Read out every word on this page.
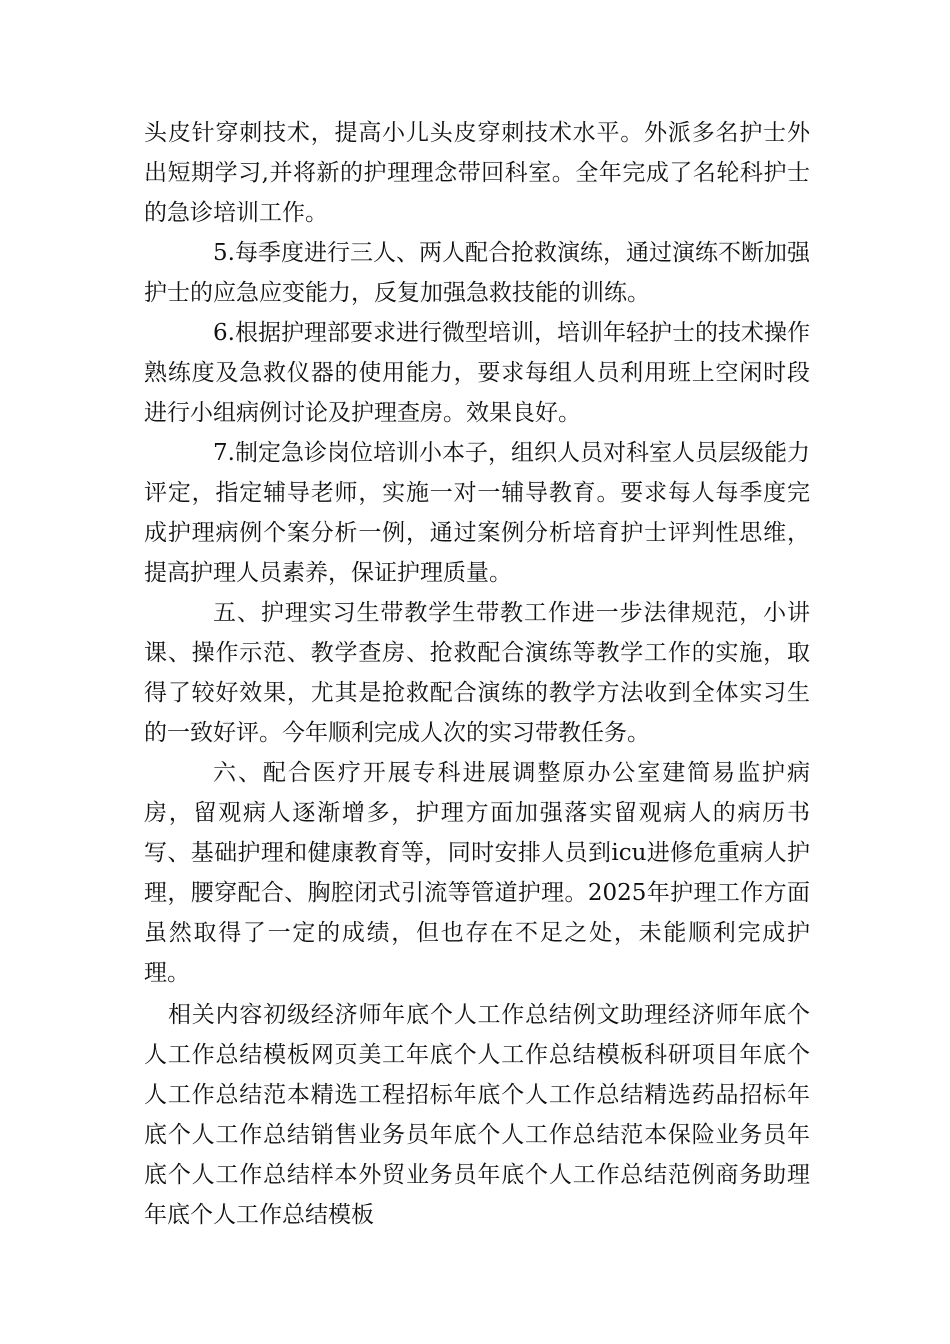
头皮针穿刺技术，提高小儿头皮穿刺技术水平。外派多名护士外出短期学习,并将新的护理理念带回科室。全年完成了名轮科护士的急诊培训工作。

5.每季度进行三人、两人配合抢救演练，通过演练不断加强护士的应急应变能力，反复加强急救技能的训练。

6.根据护理部要求进行微型培训，培训年轻护士的技术操作熟练度及急救仪器的使用能力，要求每组人员利用班上空闲时段进行小组病例讨论及护理查房。效果良好。

7.制定急诊岗位培训小本子，组织人员对科室人员层级能力评定，指定辅导老师，实施一对一辅导教育。要求每人每季度完成护理病例个案分析一例，通过案例分析培育护士评判性思维，提高护理人员素养，保证护理质量。

五、护理实习生带教学生带教工作进一步法律规范，小讲课、操作示范、教学查房、抢救配合演练等教学工作的实施，取得了较好效果，尤其是抢救配合演练的教学方法收到全体实习生的一致好评。今年顺利完成人次的实习带教任务。

六、配合医疗开展专科进展调整原办公室建简易监护病房，留观病人逐渐增多，护理方面加强落实留观病人的病历书写、基础护理和健康教育等，同时安排人员到icu进修危重病人护理，腰穿配合、胸腔闭式引流等管道护理。2025年护理工作方面虽然取得了一定的成绩，但也存在不足之处，未能顺利完成护理。

相关内容初级经济师年底个人工作总结例文助理经济师年底个人工作总结模板网页美工年底个人工作总结模板科研项目年底个人工作总结范本精选工程招标年底个人工作总结精选药品招标年底个人工作总结销售业务员年底个人工作总结范本保险业务员年底个人工作总结样本外贸业务员年底个人工作总结范例商务助理年底个人工作总结模板
